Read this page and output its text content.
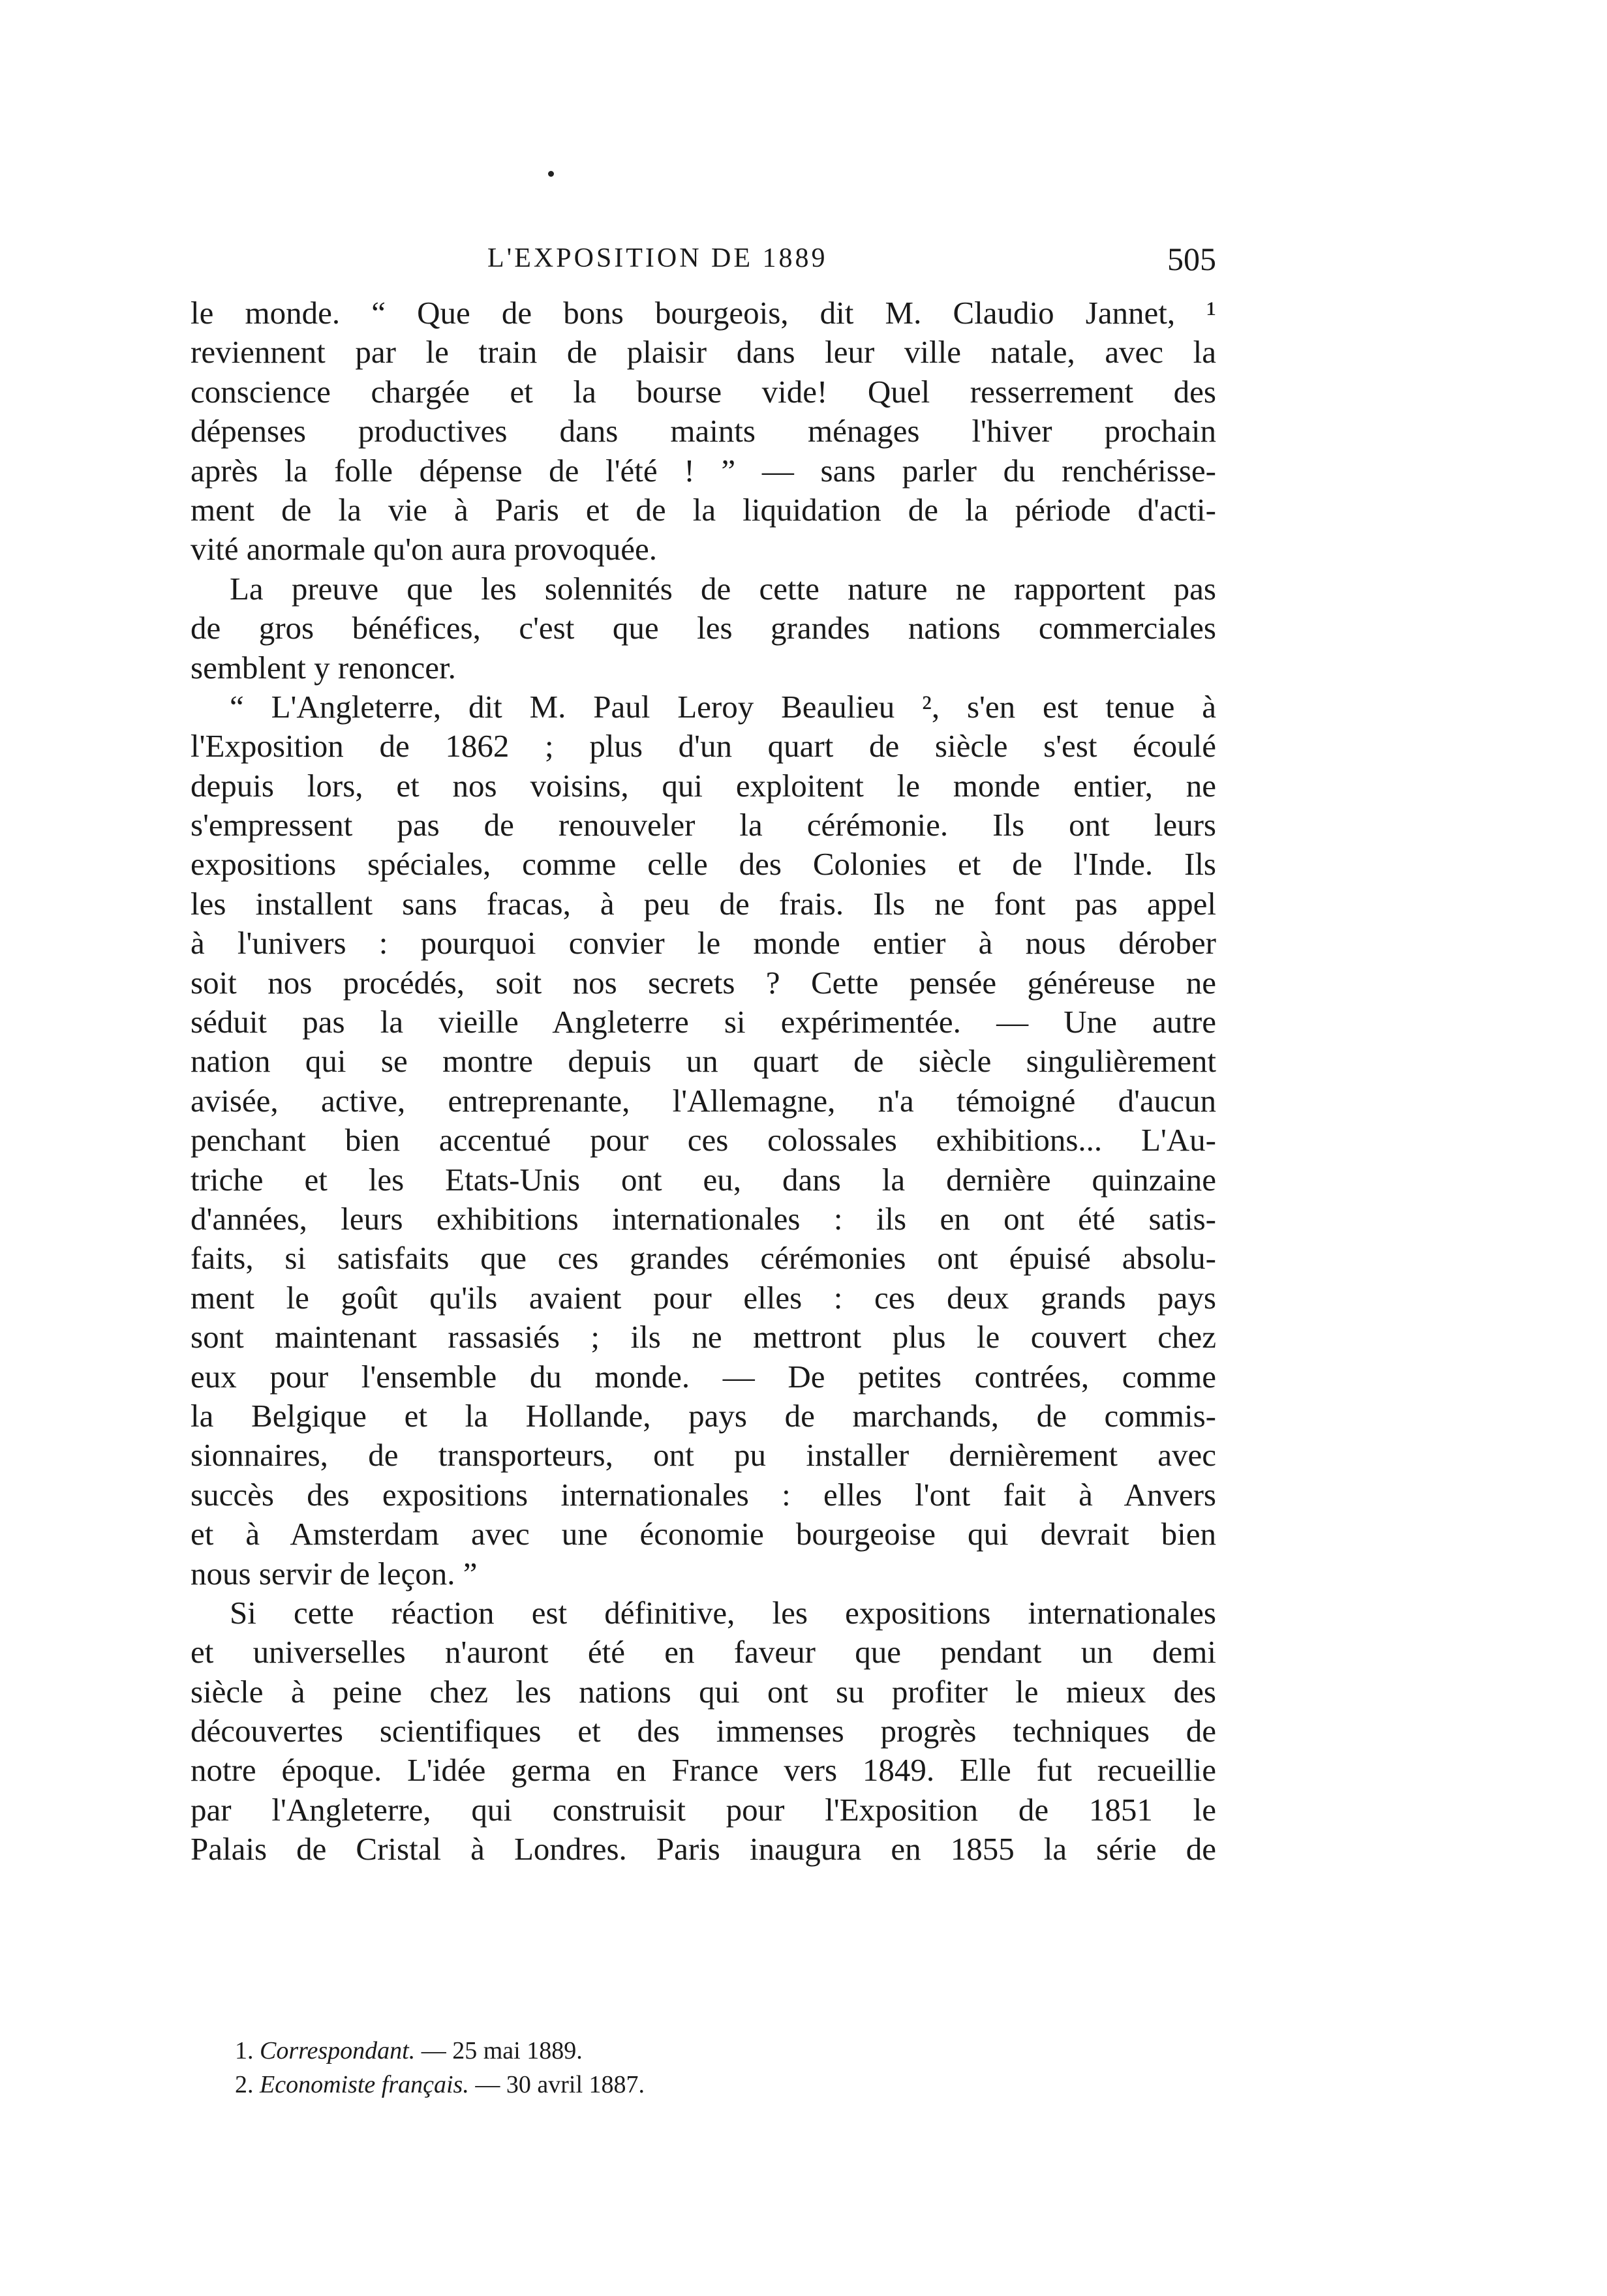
L'EXPOSITION DE 1889	505
le monde. “ Que de bons bourgeois, dit M. Claudio Jannet, ¹
reviennent par le train de plaisir dans leur ville natale, avec la
conscience chargée et la bourse vide! Quel resserrement des
dépenses productives dans maints ménages l'hiver prochain
après la folle dépense de l'été ! ” — sans parler du renchérisse-
ment de la vie à Paris et de la liquidation de la période d'acti-
vité anormale qu'on aura provoquée.
La preuve que les solennités de cette nature ne rapportent pas
de gros bénéfices, c'est que les grandes nations commerciales
semblent y renoncer.
“ L'Angleterre, dit M. Paul Leroy Beaulieu ², s'en est tenue à
l'Exposition de 1862 ; plus d'un quart de siècle s'est écoulé
depuis lors, et nos voisins, qui exploitent le monde entier, ne
s'empressent pas de renouveler la cérémonie. Ils ont leurs
expositions spéciales, comme celle des Colonies et de l'Inde. Ils
les installent sans fracas, à peu de frais. Ils ne font pas appel
à l'univers : pourquoi convier le monde entier à nous dérober
soit nos procédés, soit nos secrets ? Cette pensée généreuse ne
séduit pas la vieille Angleterre si expérimentée. — Une autre
nation qui se montre depuis un quart de siècle singulièrement
avisée, active, entreprenante, l'Allemagne, n'a témoigné d'aucun
penchant bien accentué pour ces colossales exhibitions... L'Au-
triche et les Etats-Unis ont eu, dans la dernière quinzaine
d'années, leurs exhibitions internationales : ils en ont été satis-
faits, si satisfaits que ces grandes cérémonies ont épuisé absolu-
ment le goût qu'ils avaient pour elles : ces deux grands pays
sont maintenant rassasiés ; ils ne mettront plus le couvert chez
eux pour l'ensemble du monde. — De petites contrées, comme
la Belgique et la Hollande, pays de marchands, de commis-
sionnaires, de transporteurs, ont pu installer dernièrement avec
succès des expositions internationales : elles l'ont fait à Anvers
et à Amsterdam avec une économie bourgeoise qui devrait bien
nous servir de leçon. ”
Si cette réaction est définitive, les expositions internationales
et universelles n'auront été en faveur que pendant un demi
siècle à peine chez les nations qui ont su profiter le mieux des
découvertes scientifiques et des immenses progrès techniques de
notre époque. L'idée germa en France vers 1849. Elle fut recueillie
par l'Angleterre, qui construisit pour l'Exposition de 1851 le
Palais de Cristal à Londres. Paris inaugura en 1855 la série de
1. Correspondant. — 25 mai 1889.
2. Economiste français. — 30 avril 1887.
